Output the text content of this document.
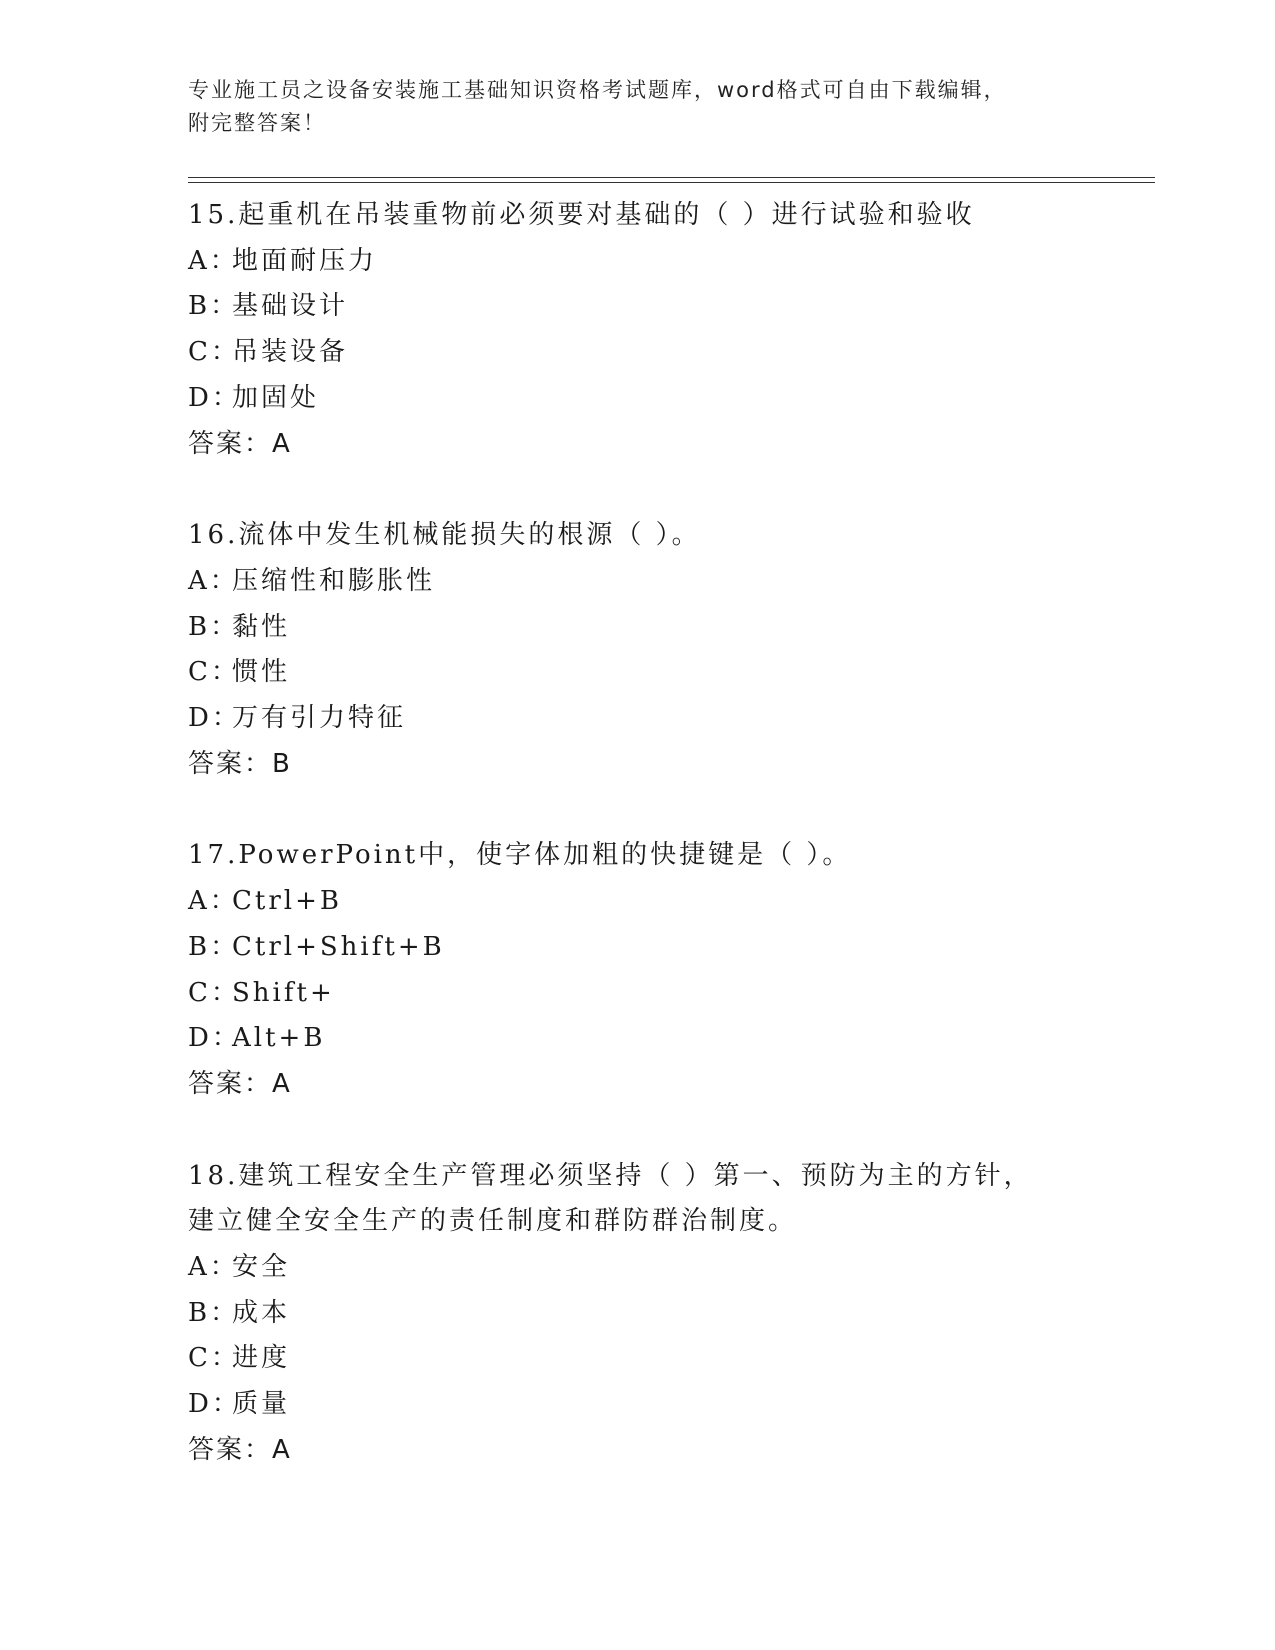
专业施工员之设备安装施工基础知识资格考试题库，word格式可自由下载编辑，
附完整答案！
15.起重机在吊装重物前必须要对基础的（ ）进行试验和验收
A：地面耐压力
B：基础设计
C：吊装设备
D：加固处
答案：A
16.流体中发生机械能损失的根源（ ）。
A：压缩性和膨胀性
B：黏性
C：惯性
D：万有引力特征
答案：B
17.PowerPoint中，使字体加粗的快捷键是（ ）。
A：Ctrl+B
B：Ctrl+Shift+B
C：Shift+
D：Alt+B
答案：A
18.建筑工程安全生产管理必须坚持（ ）第一、预防为主的方针，建立健全安全生产的责任制度和群防群治制度。
A：安全
B：成本
C：进度
D：质量
答案：A
